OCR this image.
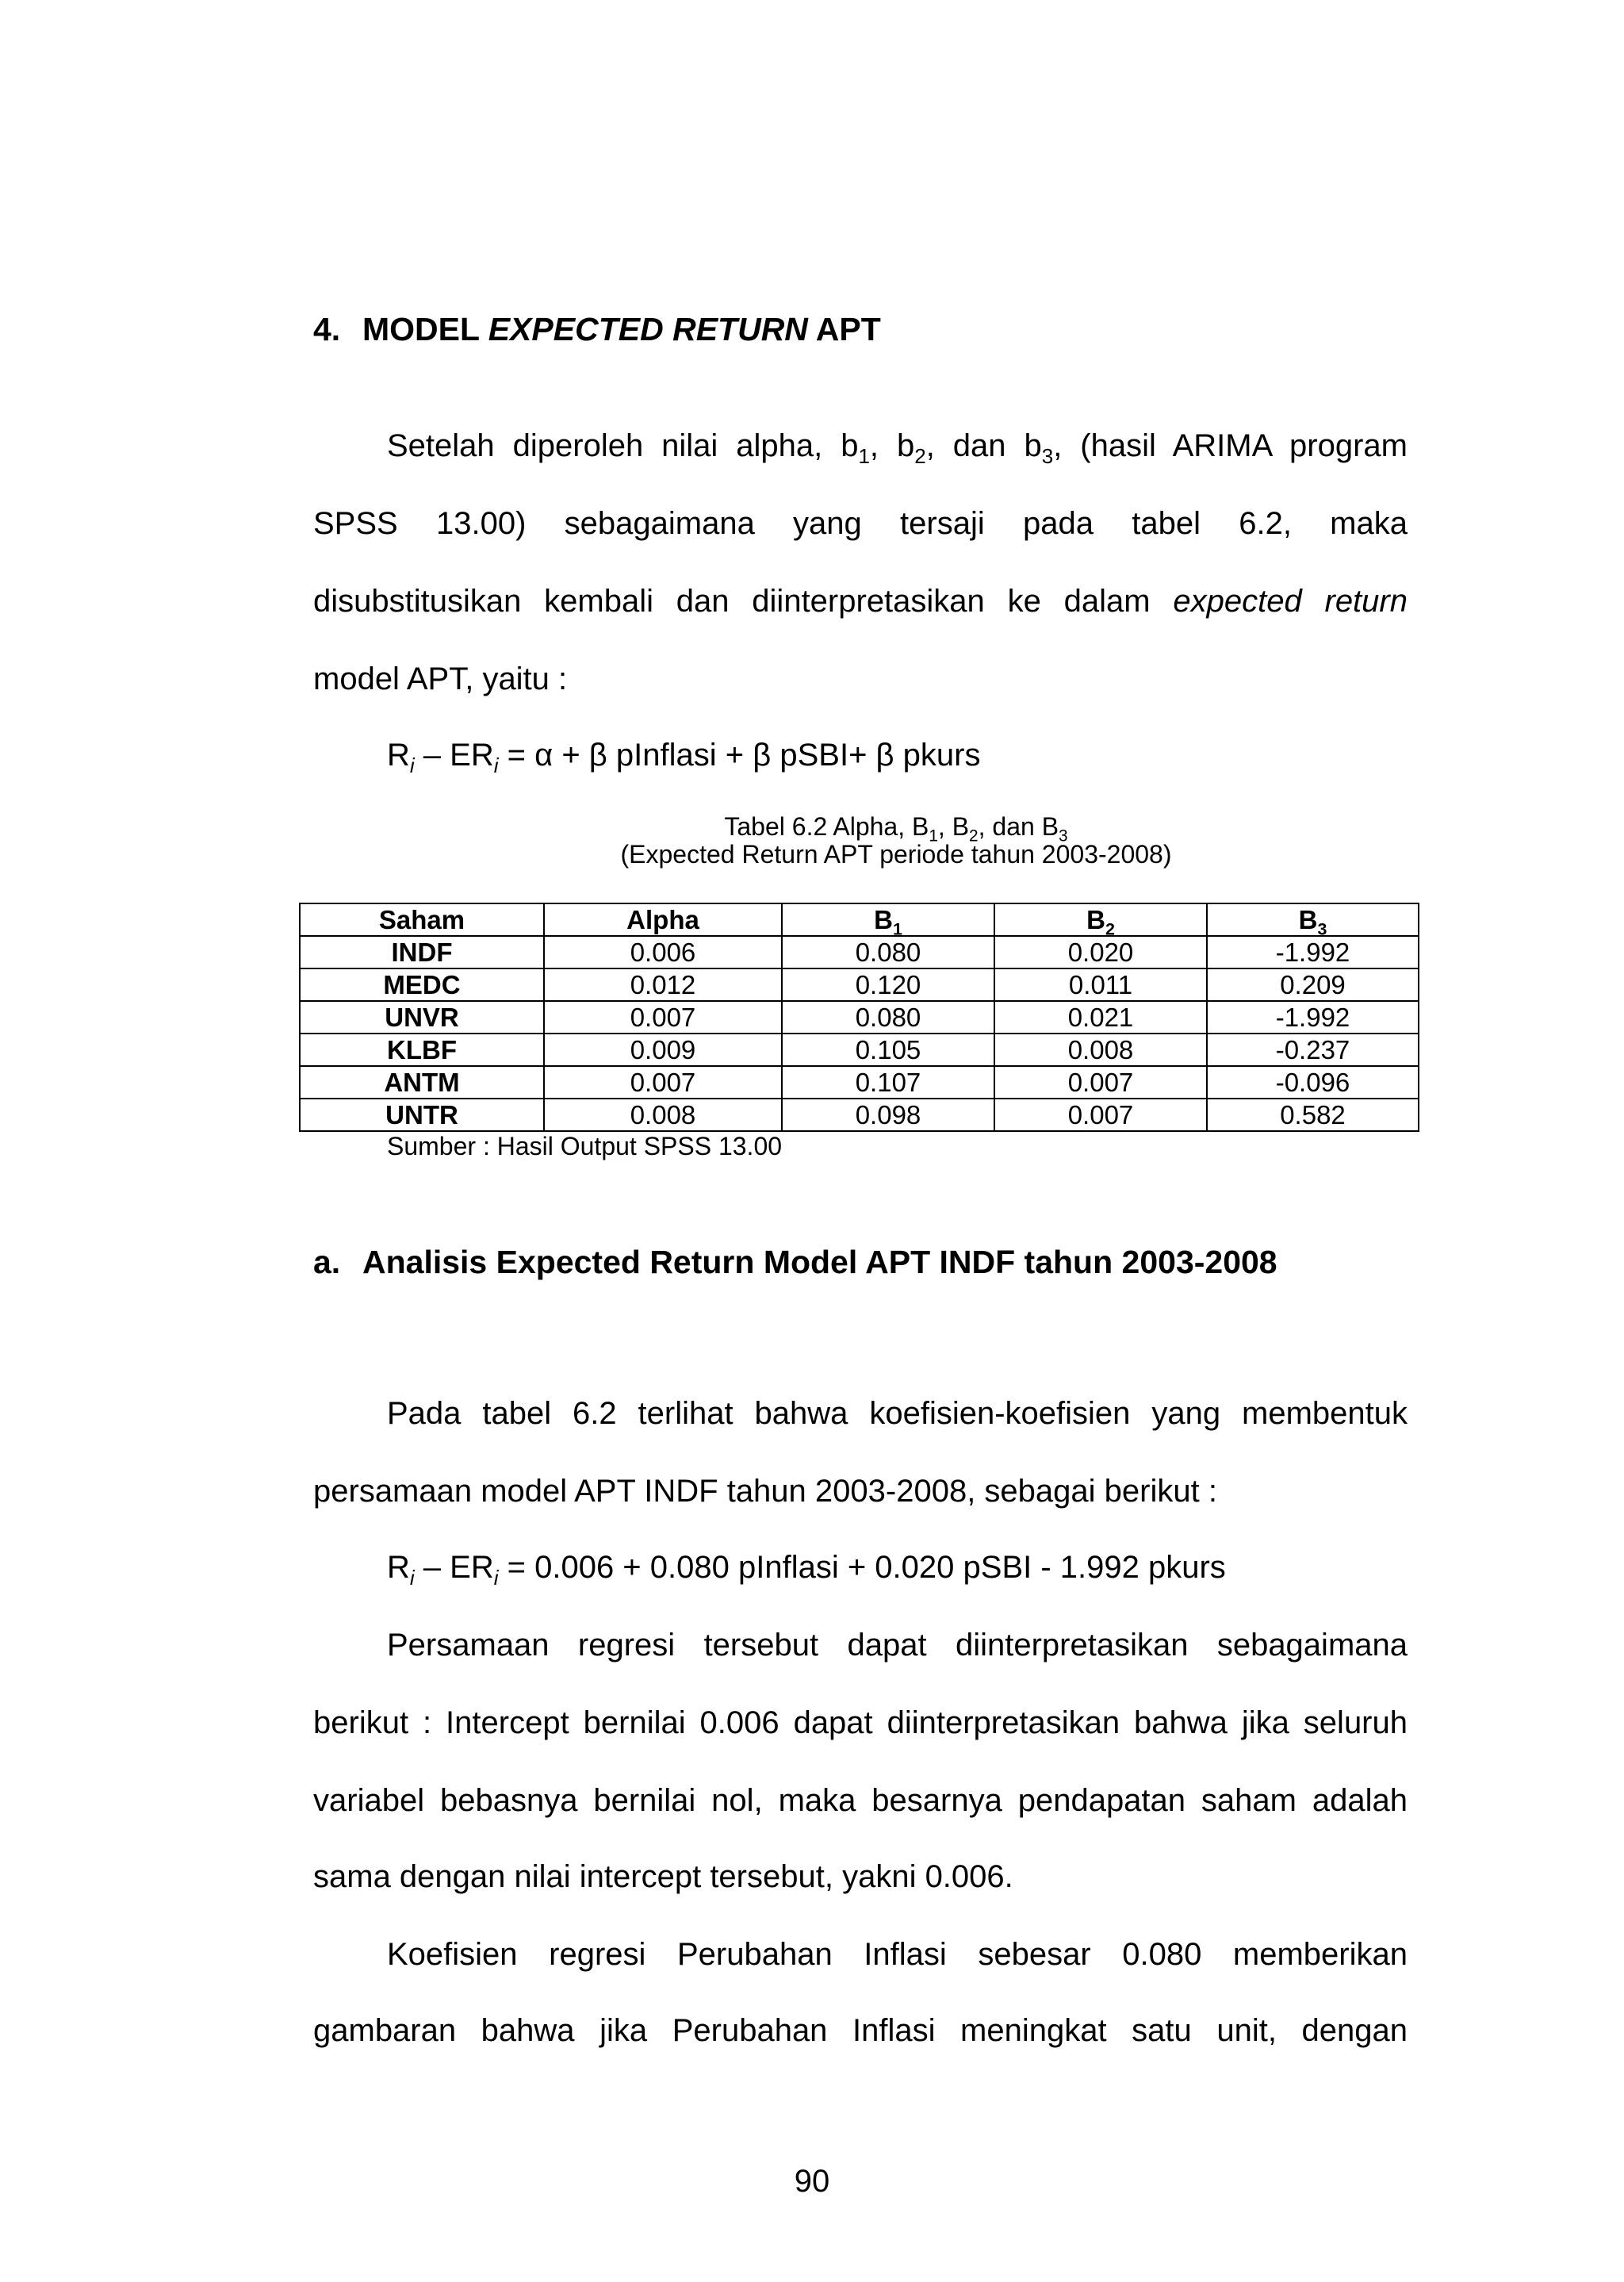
4. MODEL EXPECTED RETURN APT
Setelah diperoleh nilai alpha, $b_1$, $b_2$, dan $b_3$, (hasil ARIMA program
SPSS 13.00) sebagaimana yang tersaji pada tabel 6.2, maka
disubstitusikan kembali dan diinterpretasikan ke dalam expected return
model APT, yaitu :
$R_i - ER_i = \alpha + \beta$ pInflasi + β pSBI+ β pkurs
Tabel 6.2 Alpha, $B_1$, $B_2$, dan $B_3$
(Expected Return APT periode tahun 2003-2008)
Saham	Alpha	$B_1$	$B_2$	$B_3$
INDF	0.006	0.080	0.020	-1.992
MEDC	0.012	0.120	0.011	0.209
UNVR	0.007	0.080	0.021	-1.992
KLBF	0.009	0.105	0.008	-0.237
ANTM	0.007	0.107	0.007	-0.096
UNTR	0.008	0.098	0.007	0.582
Sumber : Hasil Output SPSS 13.00
a. Analisis Expected Return Model APT INDF tahun 2003-2008
Pada tabel 6.2 terlihat bahwa koefisien-koefisien yang membentuk
persamaan model APT INDF tahun 2003-2008, sebagai berikut :
$R_i - ER_i = 0.006 + 0.080$ pInflasi + 0.020 pSBI - 1.992 pkurs
Persamaan regresi tersebut dapat diinterpretasikan sebagaimana
berikut : Intercept bernilai 0.006 dapat diinterpretasikan bahwa jika seluruh
variabel bebasnya bernilai nol, maka besarnya pendapatan saham adalah
sama dengan nilai intercept tersebut, yakni 0.006.
Koefisien regresi Perubahan Inflasi sebesar 0.080 memberikan
gambaran bahwa jika Perubahan Inflasi meningkat satu unit, dengan
90
